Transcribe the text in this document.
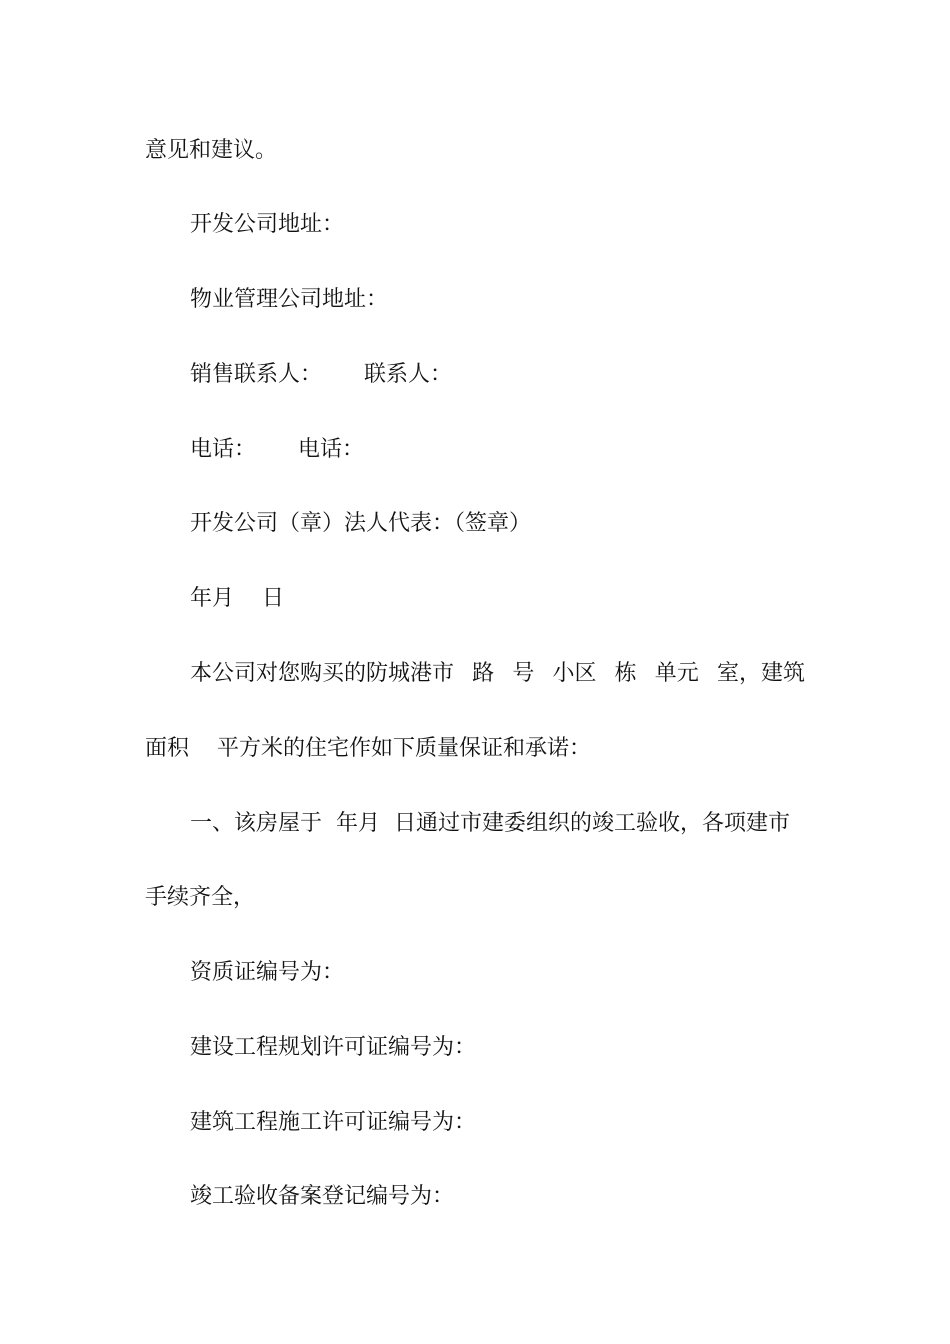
意见和建议。

开发公司地址：

物业管理公司地址：

销售联系人：      联系人：

电话：      电话：

开发公司（章）法人代表：（签章）

年月    日

本公司对您购买的防城港市 路 号 小区 栋 单元 室，建筑

面积    平方米的住宅作如下质量保证和承诺：

一、该房屋于  年月  日通过市建委组织的竣工验收，各项建市

手续齐全，

资质证编号为：

建设工程规划许可证编号为：

建筑工程施工许可证编号为：

竣工验收备案登记编号为：
